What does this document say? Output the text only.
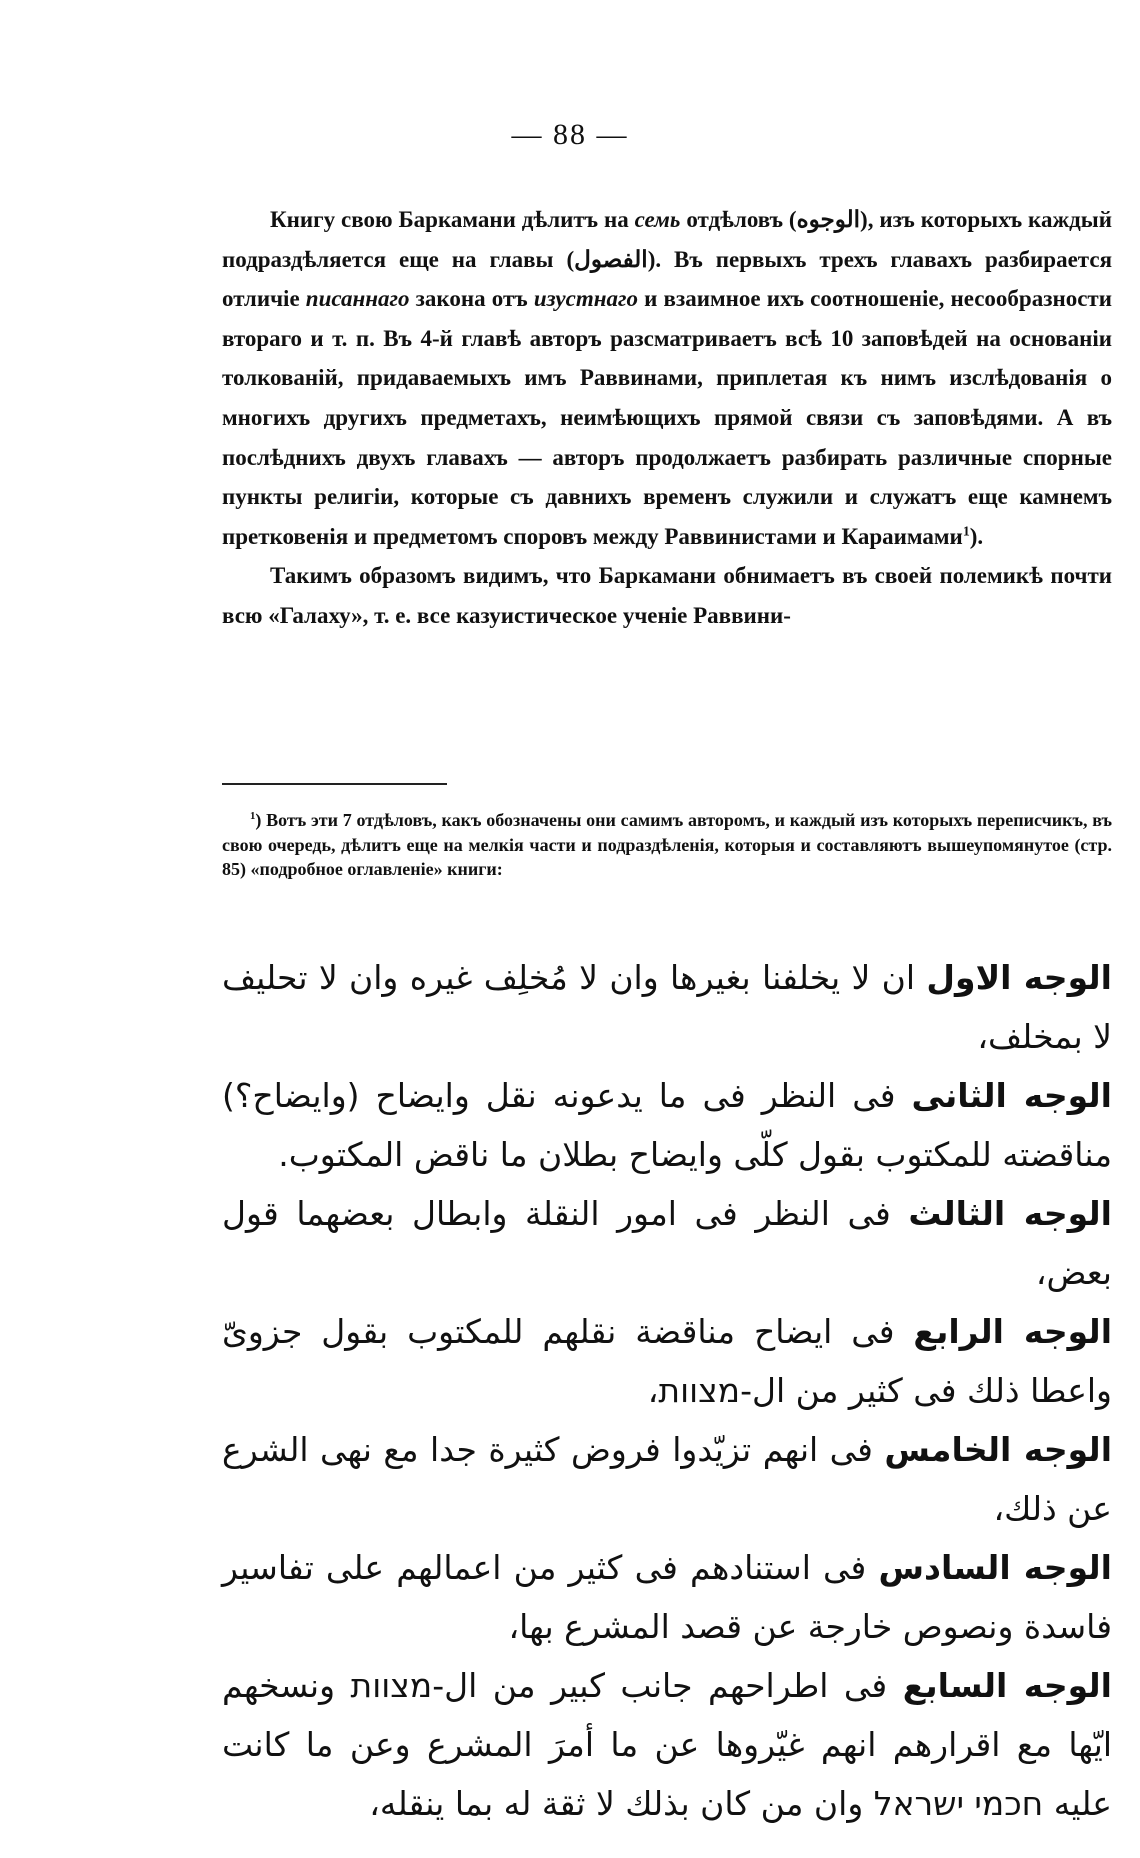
— 88 —

Книгу свою Баркамани дѣлитъ на семь отдѣловъ (الوجوه), изъ которыхъ каждый подраздѣляется еще на главы (الفصول). Въ первыхъ трехъ главахъ разбирается отличіе писаннаго закона отъ изустнаго и взаимное ихъ соотношеніе, несообразности втораго и т. п. Въ 4-й главѣ авторъ разсматриваетъ всѣ 10 заповѣдей на основаніи толкованій, придаваемыхъ имъ Раввинами, приплетая къ нимъ изслѣдованія о многихъ другихъ предметахъ, неимѣющихъ прямой связи съ заповѣдями. А въ послѣднихъ двухъ главахъ — авторъ продолжаетъ разбирать различные спорные пункты религіи, которые съ давнихъ временъ служили и служатъ еще камнемъ претковенія и предметомъ споровъ между Раввинистами и Караимами$^1$).

Такимъ образомъ видимъ, что Баркамани обнимаетъ въ своей полемикѣ почти всю «Галаху», т. е. все казуистическое ученіе Раввини-

$^1$) Вотъ эти 7 отдѣловъ, какъ обозначены они самимъ авторомъ, и каждый изъ которыхъ переписчикъ, въ свою очередь, дѣлитъ еще на мелкія части и подраздѣленія, которыя и составляютъ вышеупомянутое (стр. 85) «подробное оглавленіе» книги:

الوجه الاول ان لا يخلفنا بغيرها وان لا مُخلِف غيره وان لا تحليف لا بمخلف،
الوجه الثانى فى النظر فى ما يدعونه نقل وايضاح (وايضاح؟) مناقضته للمكتوب بقول كلّى وايضاح بطلان ما ناقض المكتوب.
الوجه الثالث فى النظر فى امور النقلة وابطال بعضهما قول بعض،
الوجه الرابع فى ايضاح مناقضة نقلهم للمكتوب بقول جزوىّ واعطا ذلك فى كثير من ال-מצוות،
الوجه الخامس فى انهم تزيّدوا فروض كثيرة جدا مع نهى الشرع عن ذلك،
الوجه السادس فى استنادهم فى كثير من اعمالهم على تفاسير فاسدة ونصوص خارجة عن قصد المشرع بها،
الوجه السابع فى اطراحهم جانب كبير من ال-מצוות ونسخهم ايّها مع اقرارهم انهم غيّروها عن ما أمرَ المشرع وعن ما كانت عليه חכמי ישראל وان من كان بذلك لا ثقة له بما ينقله،
